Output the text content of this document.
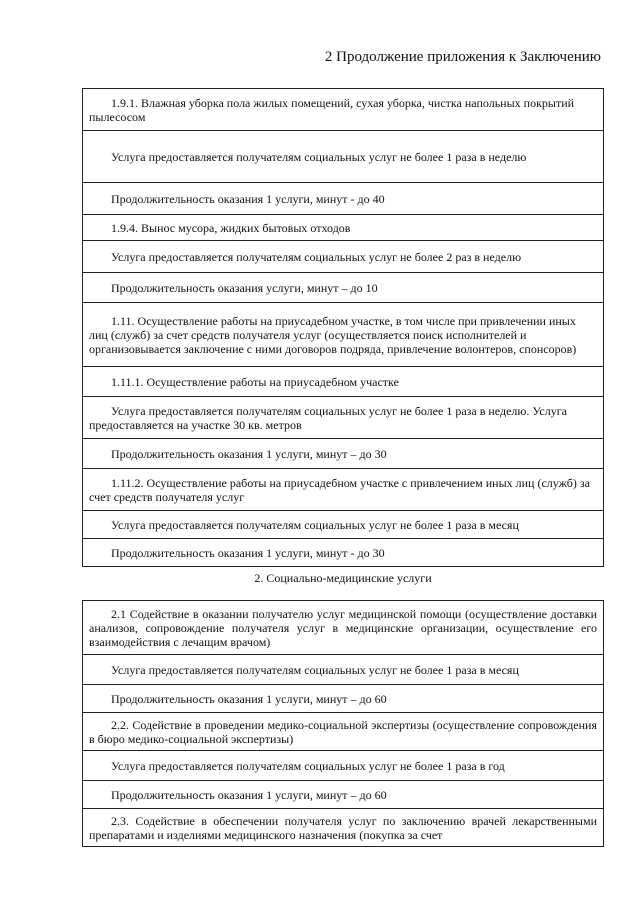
2 Продолжение приложения к Заключению
1.9.1. Влажная уборка пола жилых помещений, сухая уборка, чистка напольных покрытий пылесосом
Услуга предоставляется получателям социальных услуг не более 1 раза в неделю
Продолжительность оказания 1 услуги, минут - до 40
1.9.4. Вынос мусора, жидких бытовых отходов
Услуга предоставляется получателям социальных услуг не более 2 раз в неделю
Продолжительность оказания услуги, минут – до 10
1.11. Осуществление работы на приусадебном участке, в том числе при привлечении иных лиц (служб) за счет средств получателя услуг (осуществляется поиск исполнителей и организовывается заключение с ними договоров подряда, привлечение волонтеров, спонсоров)
1.11.1. Осуществление работы на приусадебном участке
Услуга предоставляется получателям социальных услуг не более 1 раза в неделю. Услуга предоставляется на участке 30 кв. метров
Продолжительность оказания 1 услуги, минут – до 30
1.11.2. Осуществление работы на приусадебном участке с привлечением иных лиц (служб) за счет средств получателя услуг
Услуга предоставляется получателям социальных услуг не более 1 раза в месяц
Продолжительность оказания 1 услуги, минут - до 30
2. Социально-медицинские услуги
2.1 Содействие в оказании получателю услуг медицинской помощи (осуществление доставки анализов, сопровождение получателя услуг в медицинские организации, осуществление его взаимодействия с лечащим врачом)
Услуга предоставляется получателям социальных услуг не более 1 раза в месяц
Продолжительность оказания 1 услуги, минут – до 60
2.2. Содействие в проведении медико-социальной экспертизы (осуществление сопровождения в бюро медико-социальной экспертизы)
Услуга предоставляется получателям социальных услуг не более 1 раза в год
Продолжительность оказания 1 услуги, минут – до 60
2.3. Содействие в обеспечении получателя услуг по заключению врачей лекарственными препаратами и изделиями медицинского назначения (покупка за счет
